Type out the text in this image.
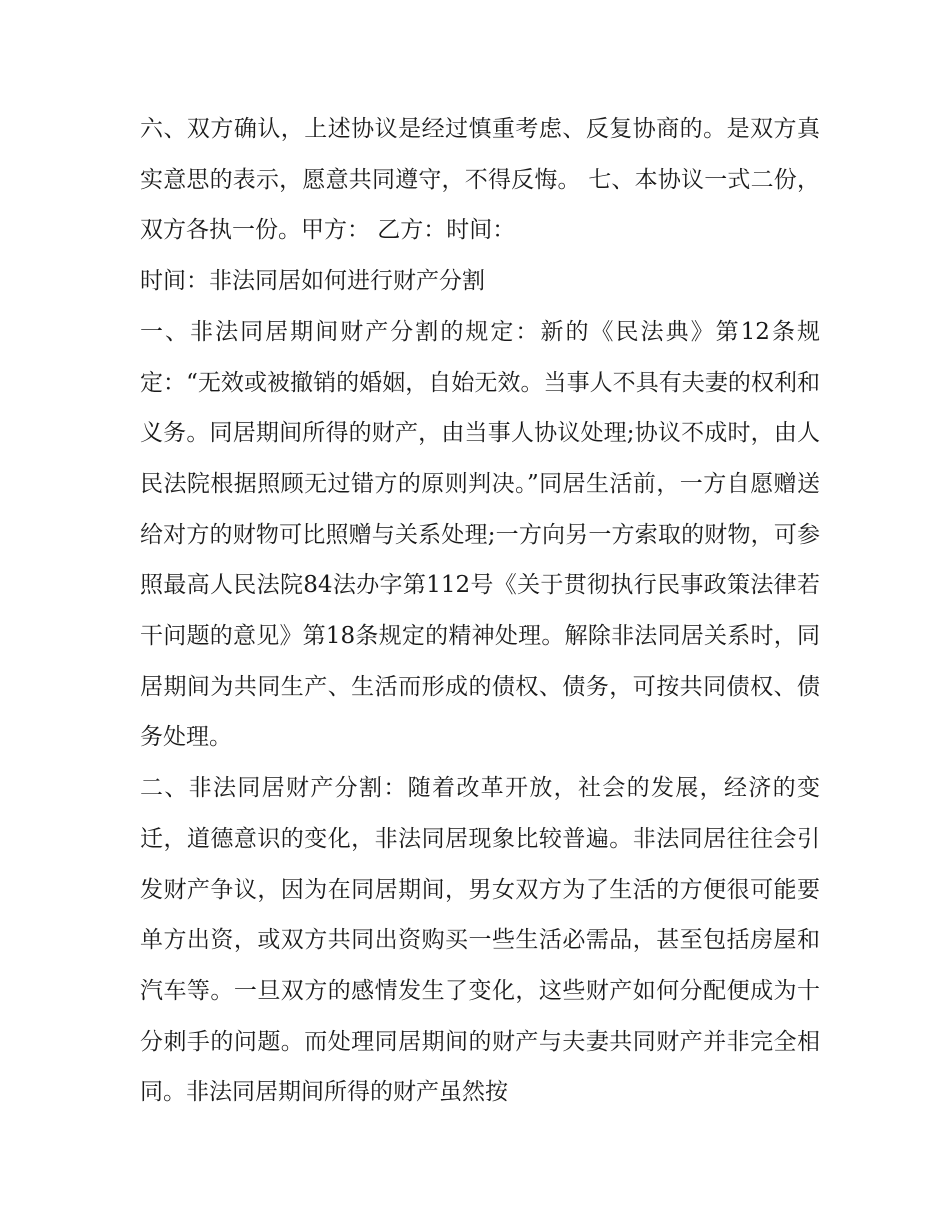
六、双方确认，上述协议是经过慎重考虑、反复协商的。是双方真实意思的表示，愿意共同遵守，不得反悔。 七、本协议一式二份，双方各执一份。甲方： 乙方：时间：

时间：非法同居如何进行财产分割

一、非法同居期间财产分割的规定：新的《民法典》第12条规定：“无效或被撤销的婚姻，自始无效。当事人不具有夫妻的权利和义务。同居期间所得的财产，由当事人协议处理;协议不成时，由人民法院根据照顾无过错方的原则判决。”同居生活前，一方自愿赠送给对方的财物可比照赠与关系处理;一方向另一方索取的财物，可参照最高人民法院84法办字第112号《关于贯彻执行民事政策法律若干问题的意见》第18条规定的精神处理。解除非法同居关系时，同居期间为共同生产、生活而形成的债权、债务，可按共同债权、债务处理。

二、非法同居财产分割：随着改革开放，社会的发展，经济的变迁，道德意识的变化，非法同居现象比较普遍。非法同居往往会引发财产争议，因为在同居期间，男女双方为了生活的方便很可能要单方出资，或双方共同出资购买一些生活必需品，甚至包括房屋和汽车等。一旦双方的感情发生了变化，这些财产如何分配便成为十分刺手的问题。而处理同居期间的财产与夫妻共同财产并非完全相同。非法同居期间所得的财产虽然按
